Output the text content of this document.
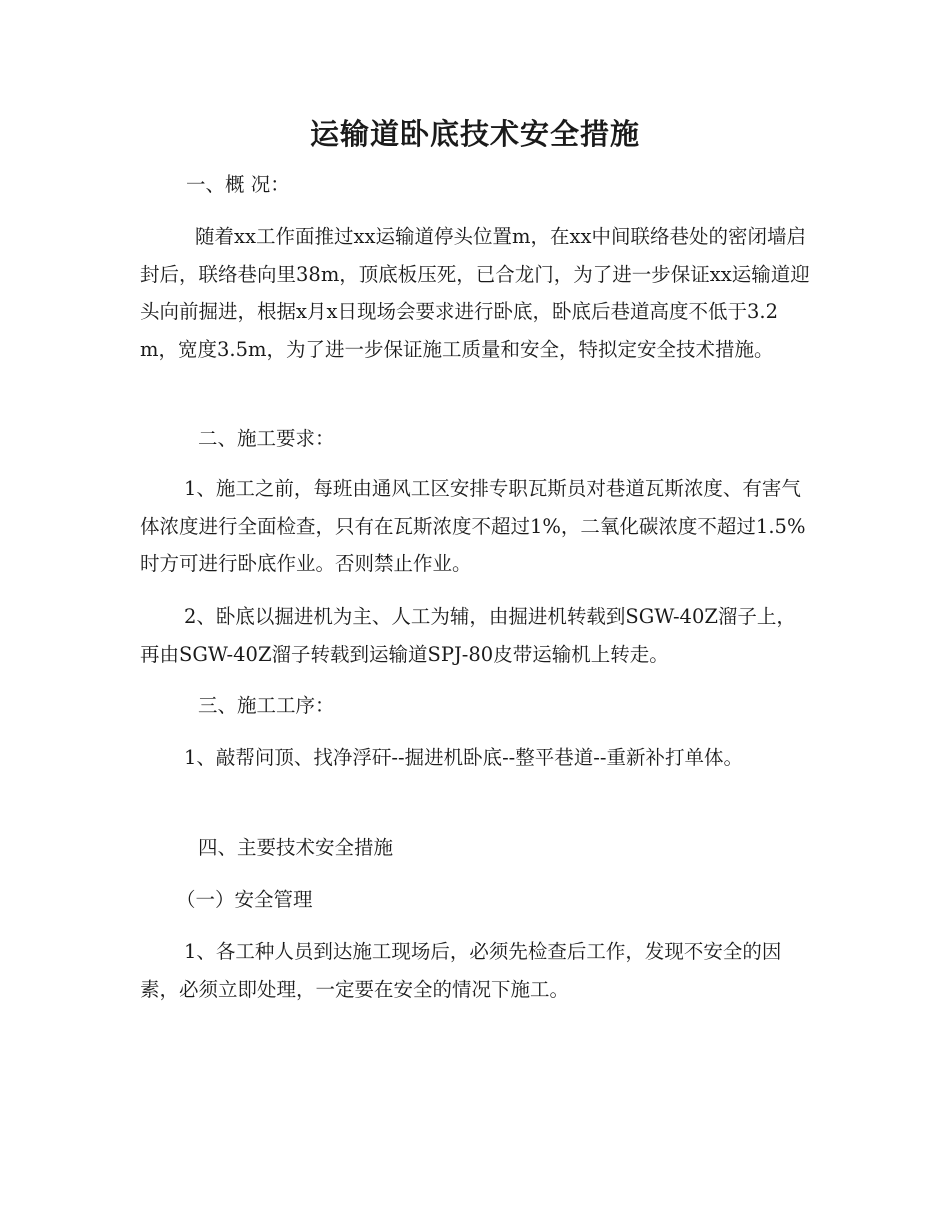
运输道卧底技术安全措施

一、概 况：

随着xx工作面推过xx运输道停头位置m，在xx中间联络巷处的密闭墙启封后，联络巷向里38m，顶底板压死，已合龙门，为了进一步保证xx运输道迎头向前掘进，根据x月x日现场会要求进行卧底，卧底后巷道高度不低于3.2m，宽度3.5m，为了进一步保证施工质量和安全，特拟定安全技术措施。

二、施工要求：

1、施工之前，每班由通风工区安排专职瓦斯员对巷道瓦斯浓度、有害气体浓度进行全面检查，只有在瓦斯浓度不超过1%，二氧化碳浓度不超过1.5%时方可进行卧底作业。否则禁止作业。

2、卧底以掘进机为主、人工为辅，由掘进机转载到SGW-40Z溜子上，再由SGW-40Z溜子转载到运输道SPJ-80皮带运输机上转走。

三、施工工序：

1、敲帮问顶、找净浮矸--掘进机卧底--整平巷道--重新补打单体。

四、主要技术安全措施

（一）安全管理

1、各工种人员到达施工现场后，必须先检查后工作，发现不安全的因素，必须立即处理，一定要在安全的情况下施工。
